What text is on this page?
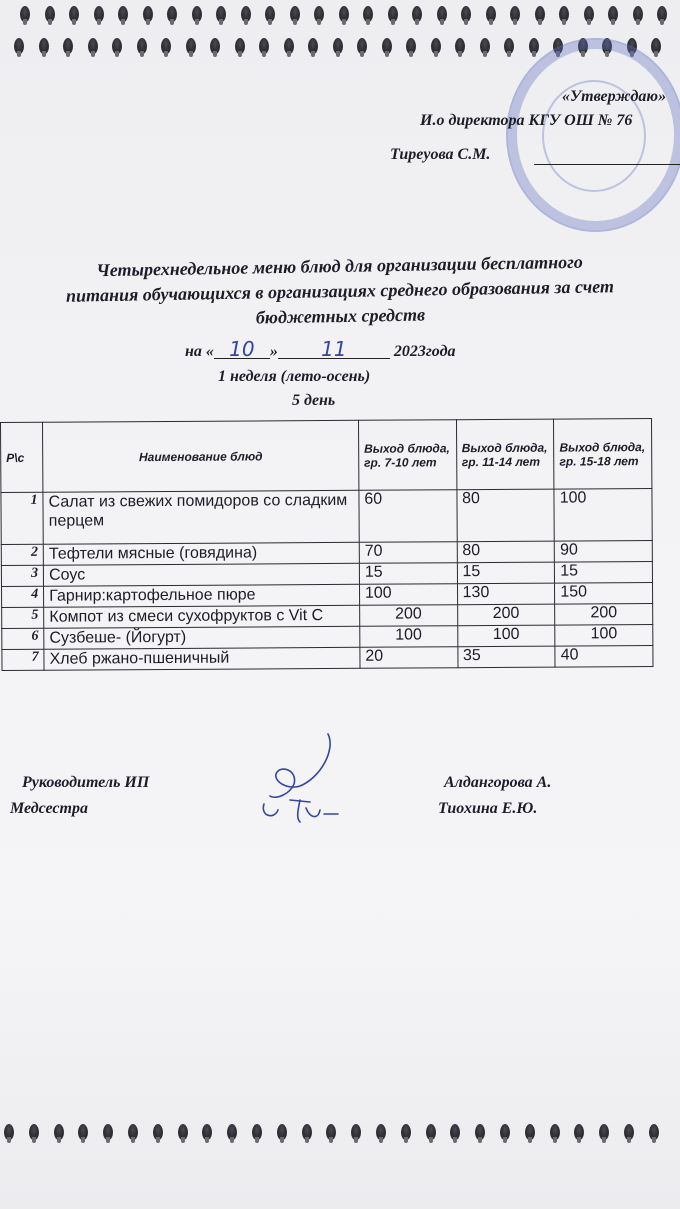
«Утверждаю»
И.о директора КГУ ОШ № 76
Тиреуова С.М.
Четырехнедельное меню блюд для организации бесплатного
питания обучающихся в организациях среднего образования за счет
бюджетных средств
на « 10 » 11	2023года
1 неделя (лето-осень)
5 день
Р\с	Наименование блюд	Выход блюда, гр. 7-10 лет	Выход блюда, гр. 11-14 лет	Выход блюда, гр. 15-18 лет
1	Салат из свежих помидоров со сладким перцем	60	80	100
2	Тефтели мясные (говядина)	70	80	90
3	Соус	15	15	15
4	Гарнир:картофельное пюре	100	130	150
5	Компот из смеси сухофруктов с Vit C	200	200	200
6	Сузбеше- (Йогурт)	100	100	100
7	Хлеб ржано-пшеничный	20	35	40
Руководитель ИП	Алдангорова А.
Медсестра	Тиохина Е.Ю.
